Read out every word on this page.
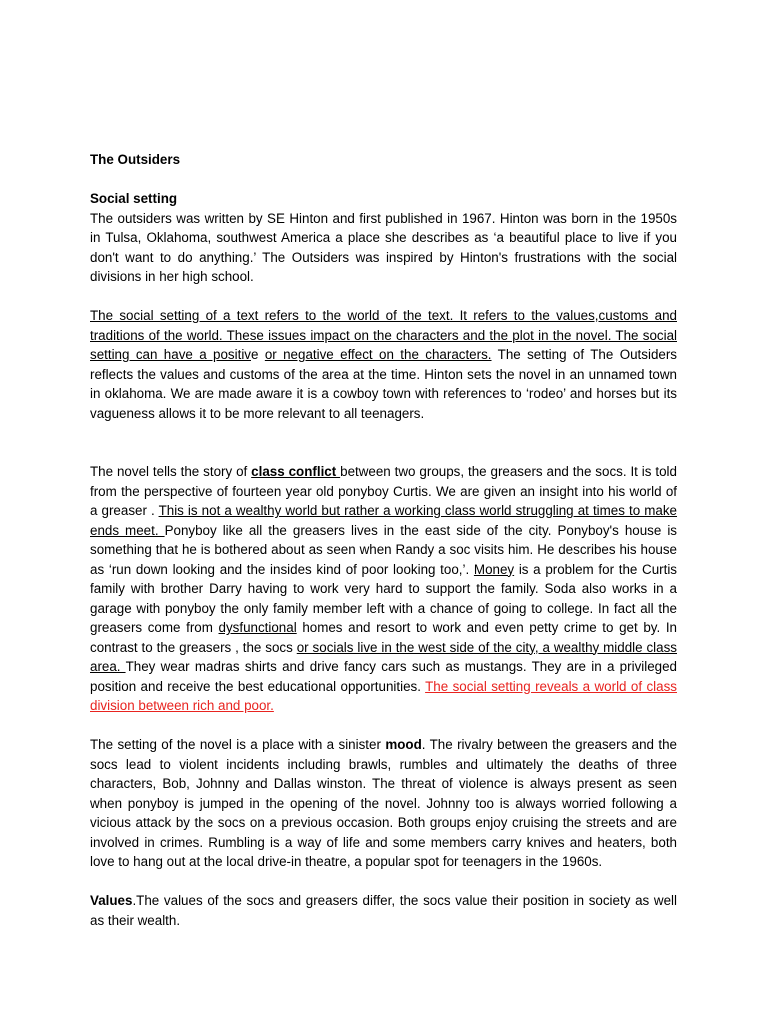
The Outsiders
Social setting

The outsiders was written by SE Hinton and first published in 1967. Hinton was born in the 1950s in Tulsa, Oklahoma, southwest America a place she describes as ‘a beautiful place to live if you don't want to do anything.’ The Outsiders was inspired by Hinton's frustrations with the social divisions in her high school.

The social setting of a text refers to the world of the text. It refers to the values,customs and traditions of the world. These issues impact on the characters and the plot in the novel. The social setting can have a positive or negative effect on the characters. The setting of The Outsiders reflects the values and customs of the area at the time. Hinton sets the novel in an unnamed town in oklahoma. We are made aware it is a cowboy town with references to ‘rodeo’ and horses but its vagueness allows it to be more relevant to all teenagers.

The novel tells the story of class conflict between two groups, the greasers and the socs. It is told from the perspective of fourteen year old ponyboy Curtis. We are given an insight into his world of a greaser . This is not a wealthy world but rather a working class world struggling at times to make ends meet. Ponyboy like all the greasers lives in the east side of the city. Ponyboy's house is something that he is bothered about as seen when Randy a soc visits him. He describes his house as ‘run down looking and the insides kind of poor looking too,’. Money is a problem for the Curtis family with brother Darry having to work very hard to support the family. Soda also works in a garage with ponyboy the only family member left with a chance of going to college. In fact all the greasers come from dysfunctional homes and resort to work and even petty crime to get by. In contrast to the greasers , the socs or socials live in the west side of the city, a wealthy middle class area. They wear madras shirts and drive fancy cars such as mustangs. They are in a privileged position and receive the best educational opportunities. The social setting reveals a world of class division between rich and poor.

The setting of the novel is a place with a sinister mood. The rivalry between the greasers and the socs lead to violent incidents including brawls, rumbles and ultimately the deaths of three characters, Bob, Johnny and Dallas winston. The threat of violence is always present as seen when ponyboy is jumped in the opening of the novel. Johnny too is always worried following a vicious attack by the socs on a previous occasion. Both groups enjoy cruising the streets and are involved in crimes. Rumbling is a way of life and some members carry knives and heaters, both love to hang out at the local drive-in theatre, a popular spot for teenagers in the 1960s.

Values.The values of the socs and greasers differ, the socs value their position in society as well as their wealth.
